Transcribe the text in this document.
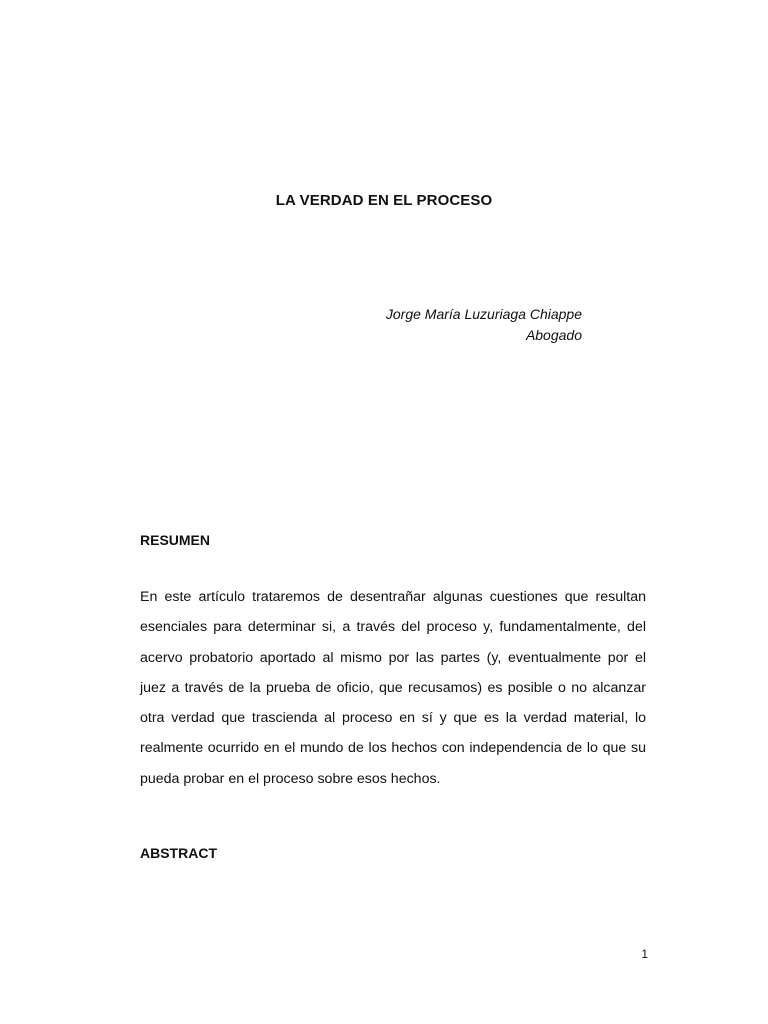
LA VERDAD EN EL PROCESO
Jorge María Luzuriaga Chiappe
Abogado
RESUMEN

En este artículo trataremos de desentrañar algunas cuestiones que resultan esenciales para determinar si, a través del proceso y, fundamentalmente, del acervo probatorio aportado al mismo por las partes (y, eventualmente por el juez a través de la prueba de oficio, que recusamos) es posible o no alcanzar otra verdad que trascienda al proceso en sí y que es la verdad material, lo realmente ocurrido en el mundo de los hechos con independencia de lo que su pueda probar en el proceso sobre esos hechos.

ABSTRACT
1
